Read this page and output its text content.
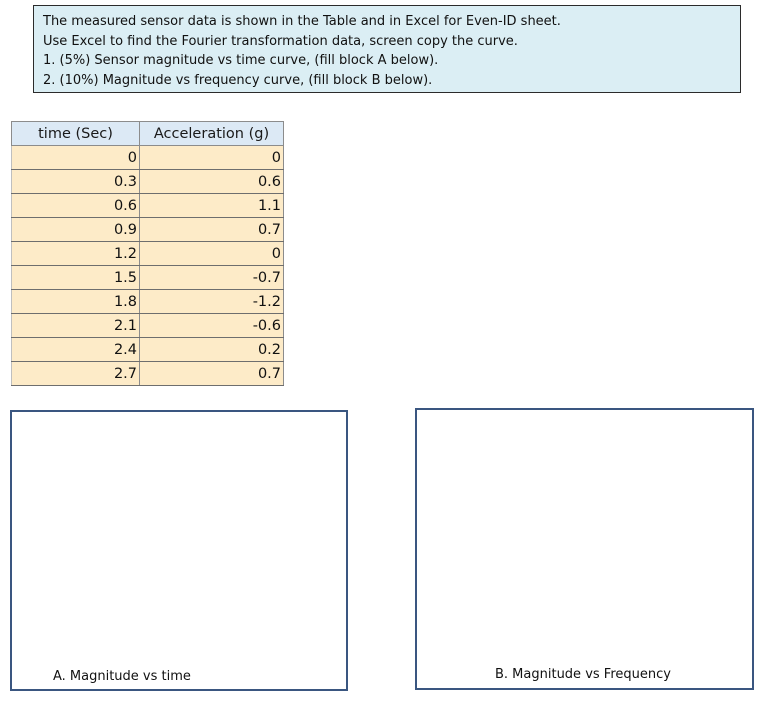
The measured sensor data is shown in the Table and in Excel for Even-ID sheet.
Use Excel to find the Fourier transformation data, screen copy the curve.
1. (5%) Sensor magnitude vs time curve, (fill block A below).
2. (10%) Magnitude vs frequency curve, (fill block B below).
time (Sec)	Acceleration (g)
0	0
0.3	0.6
0.6	1.1
0.9	0.7
1.2	0
1.5	-0.7
1.8	-1.2
2.1	-0.6
2.4	0.2
2.7	0.7
A. Magnitude vs time	B. Magnitude vs Frequency
